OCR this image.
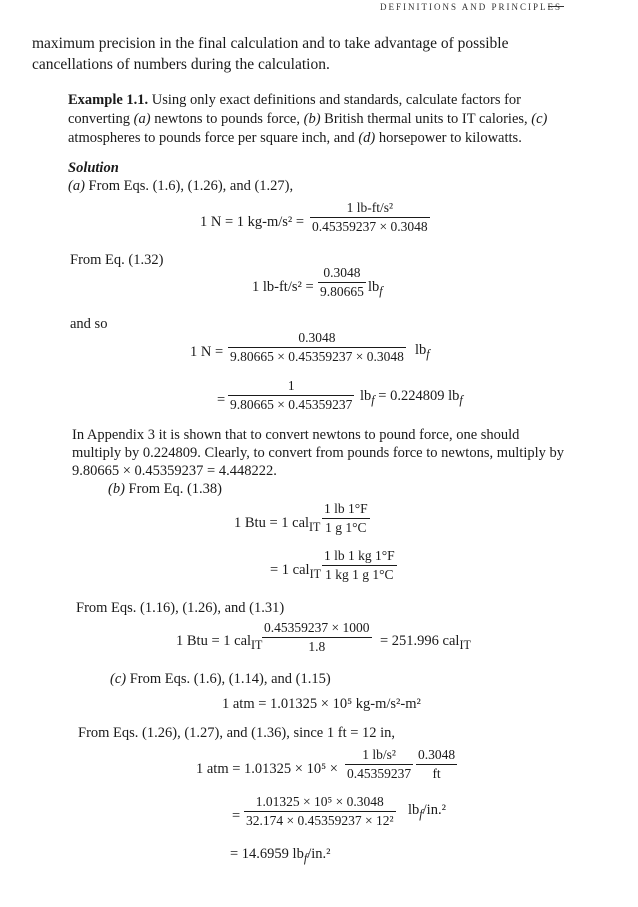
DEFINITIONS AND PRINCIPLES
maximum precision in the final calculation and to take advantage of possible
cancellations of numbers during the calculation.
Example 1.1. Using only exact definitions and standards, calculate factors for
converting (a) newtons to pounds force, (b) British thermal units to IT calories, (c)
atmospheres to pounds force per square inch, and (d) horsepower to kilowatts.
Solution
(a) From Eqs. (1.6), (1.26), and (1.27),
1 N = 1 $kg-m/s^2 = \frac{\text{1 lb-ft/s²}}{0.45359237 \times 0.3048}$
From Eq. (1.32)
1 $lb-ft/s^2 = \frac{0.3048}{9.80665} lb_f$
and so
1 $N = \frac{0.3048}{9.80665 \times 0.45359237 \times 0.3048} lb_f$
= $\frac{1}{9.80665 \times 0.45359237} lb_f = 0.224809$ $lb_f$
In Appendix 3 it is shown that to convert newtons to pound force, one should
multiply by 0.224809. Clearly, to convert from pounds force to newtons, multiply by
9.80665 × 0.45359237 = 4.448222.
(b) From Eq. (1.38)
1 Btu = 1 $cal_{IT} \frac{1 lb 1^\circ F}{1 g 1^\circ C}$
= 1 $cal_{IT} \frac{1 lb 1 kg 1^\circ F}{1 kg 1 g 1^\circ C}$
From Eqs. (1.16), (1.26), and (1.31)
1 Btu = 1 $cal_{IT} \frac{0.45359237 \times 1000}{1.8} = 251.996$ cal$_{IT}$
(c) From Eqs. (1.6), (1.14), and (1.15)
1 atm = 1.01325 × 10⁵ kg-m/s²-m²
From Eqs. (1.26), (1.27), and (1.36), since 1 ft = 12 in,
1 atm = $1.01325 \times 10^5 \times \frac{\text{1 lb/s²}}{0.45359237} \frac{0.3048}{ft}$
= $\frac{\text{1.01325 × 10⁵ × 0.3048}}{\text{32.174 × 0.45359237 × 12²}} lb_f/in.^2$
= 14.6959 $lb_f/in.^2$
